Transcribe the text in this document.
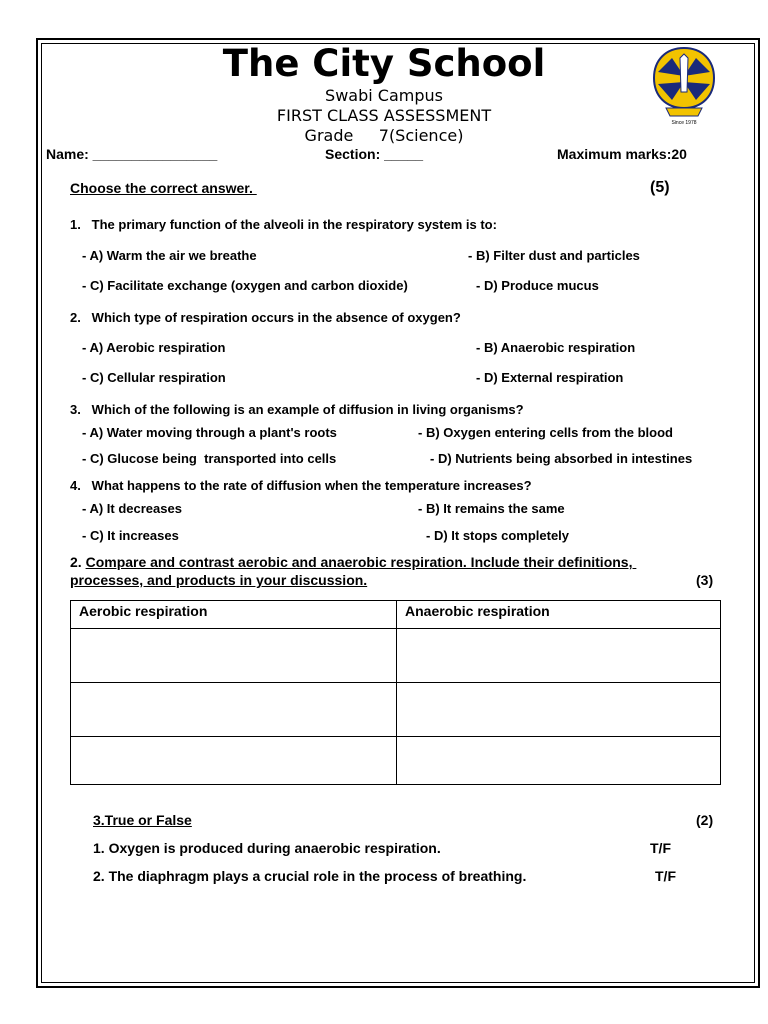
The City School
Swabi Campus
FIRST CLASS ASSESSMENT
Grade     7(Science)
Since 1978
Name: ________________	Section: _____	Maximum marks:20
Choose the correct answer.	(5)
1.   The primary function of the alveoli in the respiratory system is to:
- A) Warm the air we breathe	- B) Filter dust and particles
- C) Facilitate exchange (oxygen and carbon dioxide)	- D) Produce mucus
2.   Which type of respiration occurs in the absence of oxygen?
- A) Aerobic respiration	- B) Anaerobic respiration
- C) Cellular respiration	- D) External respiration
3.   Which of the following is an example of diffusion in living organisms?
- A) Water moving through a plant's roots	- B) Oxygen entering cells from the blood
- C) Glucose being  transported into cells	- D) Nutrients being absorbed in intestines
4.   What happens to the rate of diffusion when the temperature increases?
- A) It decreases	- B) It remains the same
- C) It increases	- D) It stops completely
2. Compare and contrast aerobic and anaerobic respiration. Include their definitions,
processes, and products in your discussion.	(3)
Aerobic respiration	Anaerobic respiration

3.True or False	(2)
1. Oxygen is produced during anaerobic respiration.	T/F
2. The diaphragm plays a crucial role in the process of breathing.	T/F
